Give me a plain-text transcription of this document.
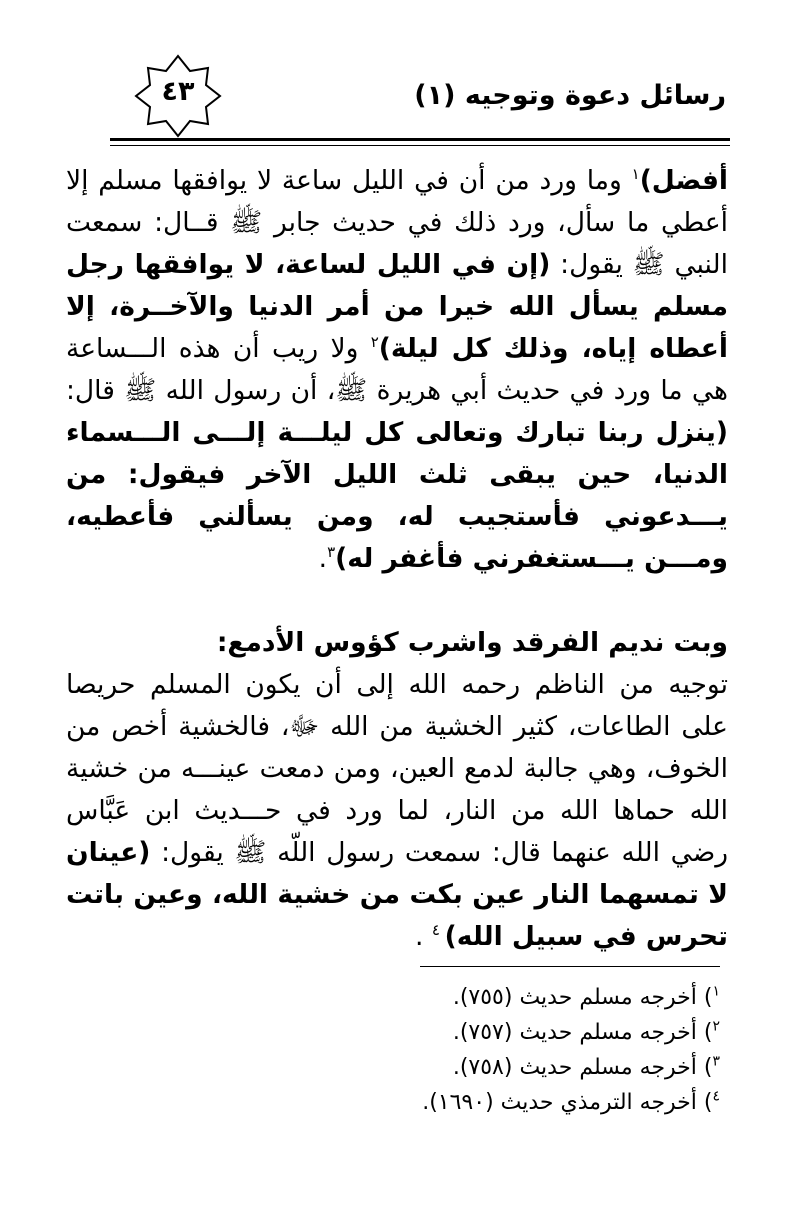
رسائل دعوة وتوجيه (١)
٤٣

أفضل)$^١$ وما ورد من أن في الليل ساعة لا يوافقها مسلم إلا أعطي ما سأل، ورد ذلك في حديث جابر ﷺ قــال: سمعت النبي ﷺ يقول: (إن في الليل لساعة، لا يوافقها رجل مسلم يسأل الله خيرا من أمر الدنيا والآخــرة، إلا أعطاه إياه، وذلك كل ليلة)$^٢$ ولا ريب أن هذه الـــساعة هي ما ورد في حديث أبي هريرة ﷺ، أن رسول الله ﷺ قال: (ينزل ربنا تبارك وتعالى كل ليلـــة إلـــى الـــسماء الدنيا، حين يبقى ثلث الليل الآخر فيقول: من يـــدعوني فأستجيب له، ومن يسألني فأعطيه، ومـــن يـــستغفرني فأغفر له)$^٣$.

وبت نديم الفرقد واشرب كؤوس الأدمع:

توجيه من الناظم رحمه الله إلى أن يكون المسلم حريصا على الطاعات، كثير الخشية من الله ﷻ، فالخشية أخص من الخوف، وهي جالبة لدمع العين، ومن دمعت عينـــه من خشية الله حماها الله من النار، لما ورد في حـــديث ابن عَبَّاس رضي الله عنهما قال: سمعت رسول اللّه ﷺ يقول: (عينان لا تمسهما النار عين بكت من خشية الله، وعين باتت تحرس في سبيل الله) $^٤$ .

$^١$) أخرجه مسلم حديث (٧٥٥).

$^٢$) أخرجه مسلم حديث (٧٥٧).

$^٣$) أخرجه مسلم حديث (٧٥٨).

$^٤$) أخرجه الترمذي حديث (١٦٩٠).
